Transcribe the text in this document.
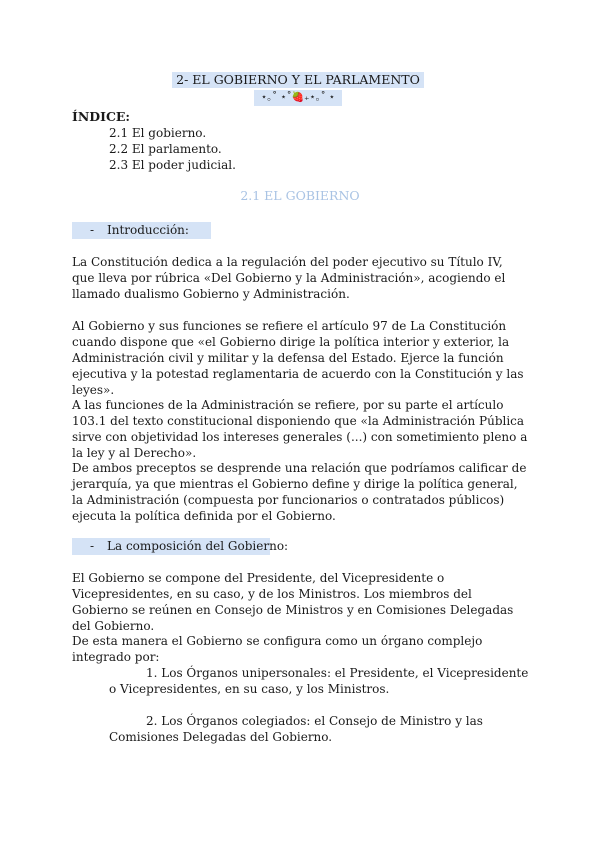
2- EL GOBIERNO Y EL PARLAMENTO
⋆｡˚ ⋆˚🍓₊⋆｡˚ ⋆
ÍNDICE:
2.1 El gobierno.
2.2 El parlamento.
2.3 El poder judicial.
2.1 EL GOBIERNO
- Introducción:

La Constitución dedica a la regulación del poder ejecutivo su Título IV, que lleva por rúbrica «Del Gobierno y la Administración», acogiendo el llamado dualismo Gobierno y Administración.

Al Gobierno y sus funciones se refiere el artículo 97 de La Constitución cuando dispone que «el Gobierno dirige la política interior y exterior, la Administración civil y militar y la defensa del Estado. Ejerce la función ejecutiva y la potestad reglamentaria de acuerdo con la Constitución y las leyes».

A las funciones de la Administración se refiere, por su parte el artículo 103.1 del texto constitucional disponiendo que «la Administración Pública sirve con objetividad los intereses generales (...) con sometimiento pleno a la ley y al Derecho».

De ambos preceptos se desprende una relación que podríamos calificar de jerarquía, ya que mientras el Gobierno define y dirige la política general, la Administración (compuesta por funcionarios o contratados públicos) ejecuta la política definida por el Gobierno.

- La composición del Gobierno:

El Gobierno se compone del Presidente, del Vicepresidente o Vicepresidentes, en su caso, y de los Ministros. Los miembros del Gobierno se reúnen en Consejo de Ministros y en Comisiones Delegadas del Gobierno.

De esta manera el Gobierno se configura como un órgano complejo integrado por:

1. Los Órganos unipersonales: el Presidente, el Vicepresidente o Vicepresidentes, en su caso, y los Ministros.

2. Los Órganos colegiados: el Consejo de Ministro y las Comisiones Delegadas del Gobierno.
